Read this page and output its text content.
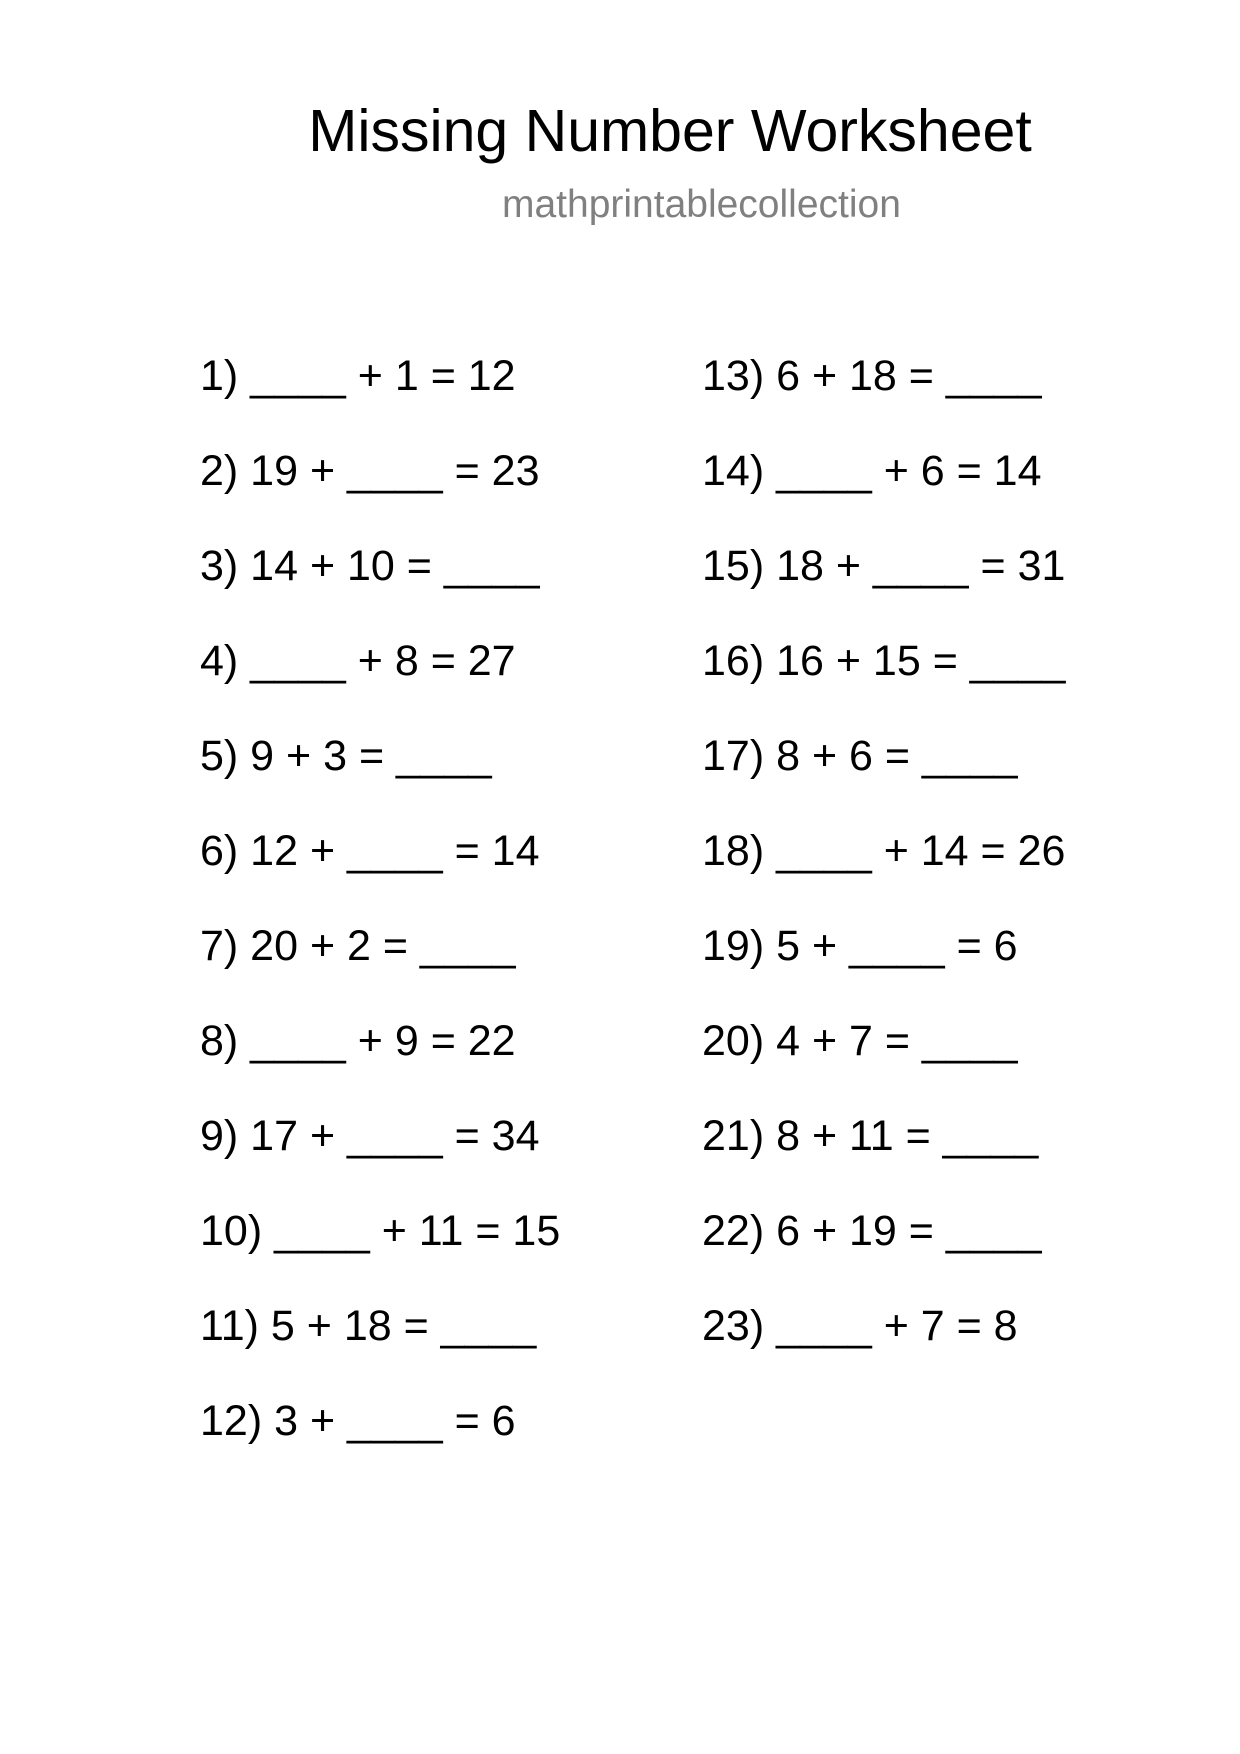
Missing Number Worksheet
mathprintablecollection
1) ____ + 1 = 12
2) 19 + ____ = 23
3) 14 + 10 = ____
4) ____ + 8 = 27
5) 9 + 3 = ____
6) 12 + ____ = 14
7) 20 + 2 = ____
8) ____ + 9 = 22
9) 17 + ____ = 34
10) ____ + 11 = 15
11) 5 + 18 = ____
12) 3 + ____ = 6
13) 6 + 18 = ____
14) ____ + 6 = 14
15) 18 + ____ = 31
16) 16 + 15 = ____
17) 8 + 6 = ____
18) ____ + 14 = 26
19) 5 + ____ = 6
20) 4 + 7 = ____
21) 8 + 11 = ____
22) 6 + 19 = ____
23) ____ + 7 = 8
